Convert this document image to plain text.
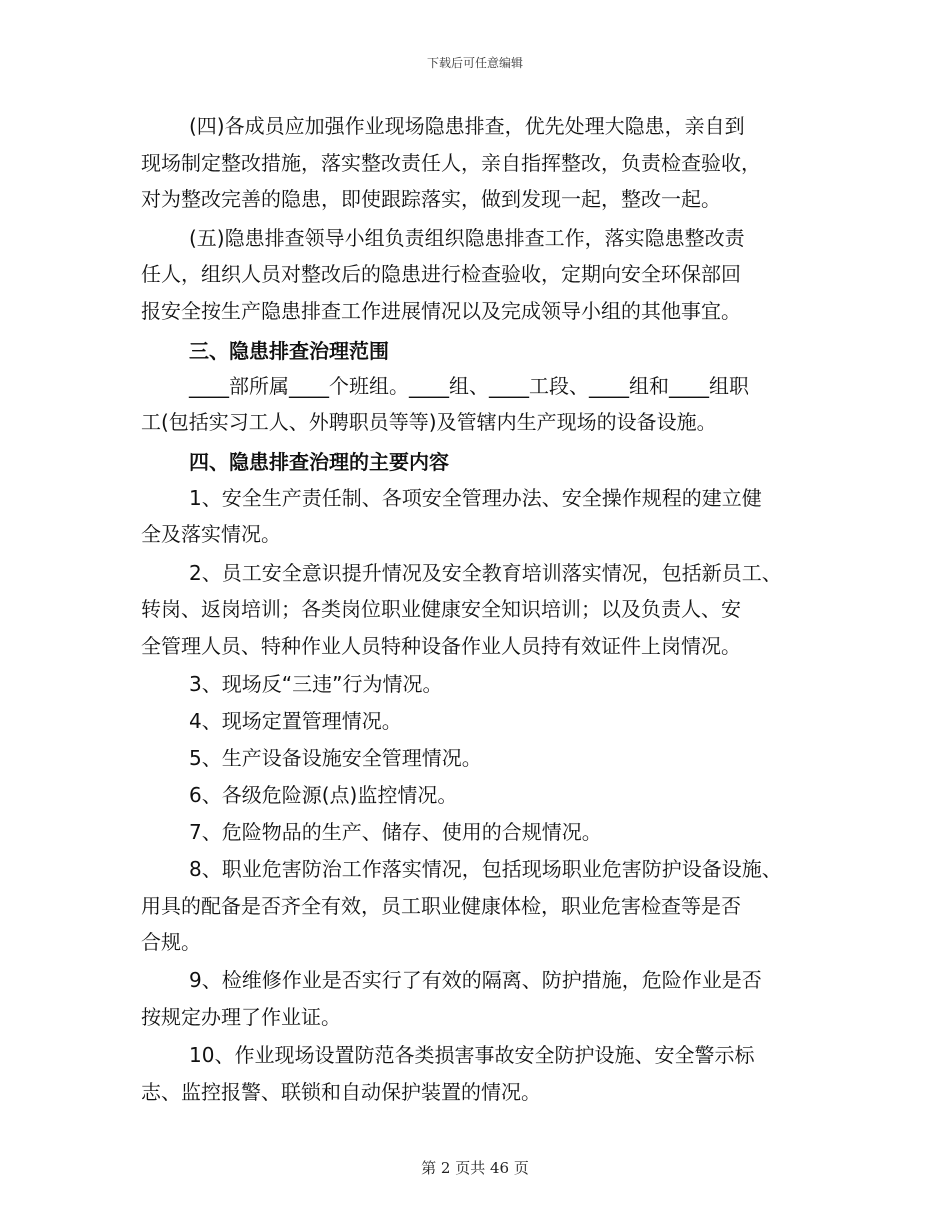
下载后可任意编辑
(四)各成员应加强作业现场隐患排查，优先处理大隐患，亲自到
现场制定整改措施，落实整改责任人，亲自指挥整改，负责检查验收，
对为整改完善的隐患，即使跟踪落实，做到发现一起，整改一起。
(五)隐患排查领导小组负责组织隐患排查工作，落实隐患整改责
任人，组织人员对整改后的隐患进行检查验收，定期向安全环保部回
报安全按生产隐患排查工作进展情况以及完成领导小组的其他事宜。
三、隐患排查治理范围
____部所属____个班组。____组、____工段、____组和____组职
工(包括实习工人、外聘职员等等)及管辖内生产现场的设备设施。
四、隐患排查治理的主要内容
1、安全生产责任制、各项安全管理办法、安全操作规程的建立健
全及落实情况。
2、员工安全意识提升情况及安全教育培训落实情况，包括新员工、
转岗、返岗培训；各类岗位职业健康安全知识培训；以及负责人、安
全管理人员、特种作业人员特种设备作业人员持有效证件上岗情况。
3、现场反“三违”行为情况。
4、现场定置管理情况。
5、生产设备设施安全管理情况。
6、各级危险源(点)监控情况。
7、危险物品的生产、储存、使用的合规情况。
8、职业危害防治工作落实情况，包括现场职业危害防护设备设施、
用具的配备是否齐全有效，员工职业健康体检，职业危害检查等是否
合规。
9、检维修作业是否实行了有效的隔离、防护措施，危险作业是否
按规定办理了作业证。
10、作业现场设置防范各类损害事故安全防护设施、安全警示标
志、监控报警、联锁和自动保护装置的情况。
第 2 页共 46 页
